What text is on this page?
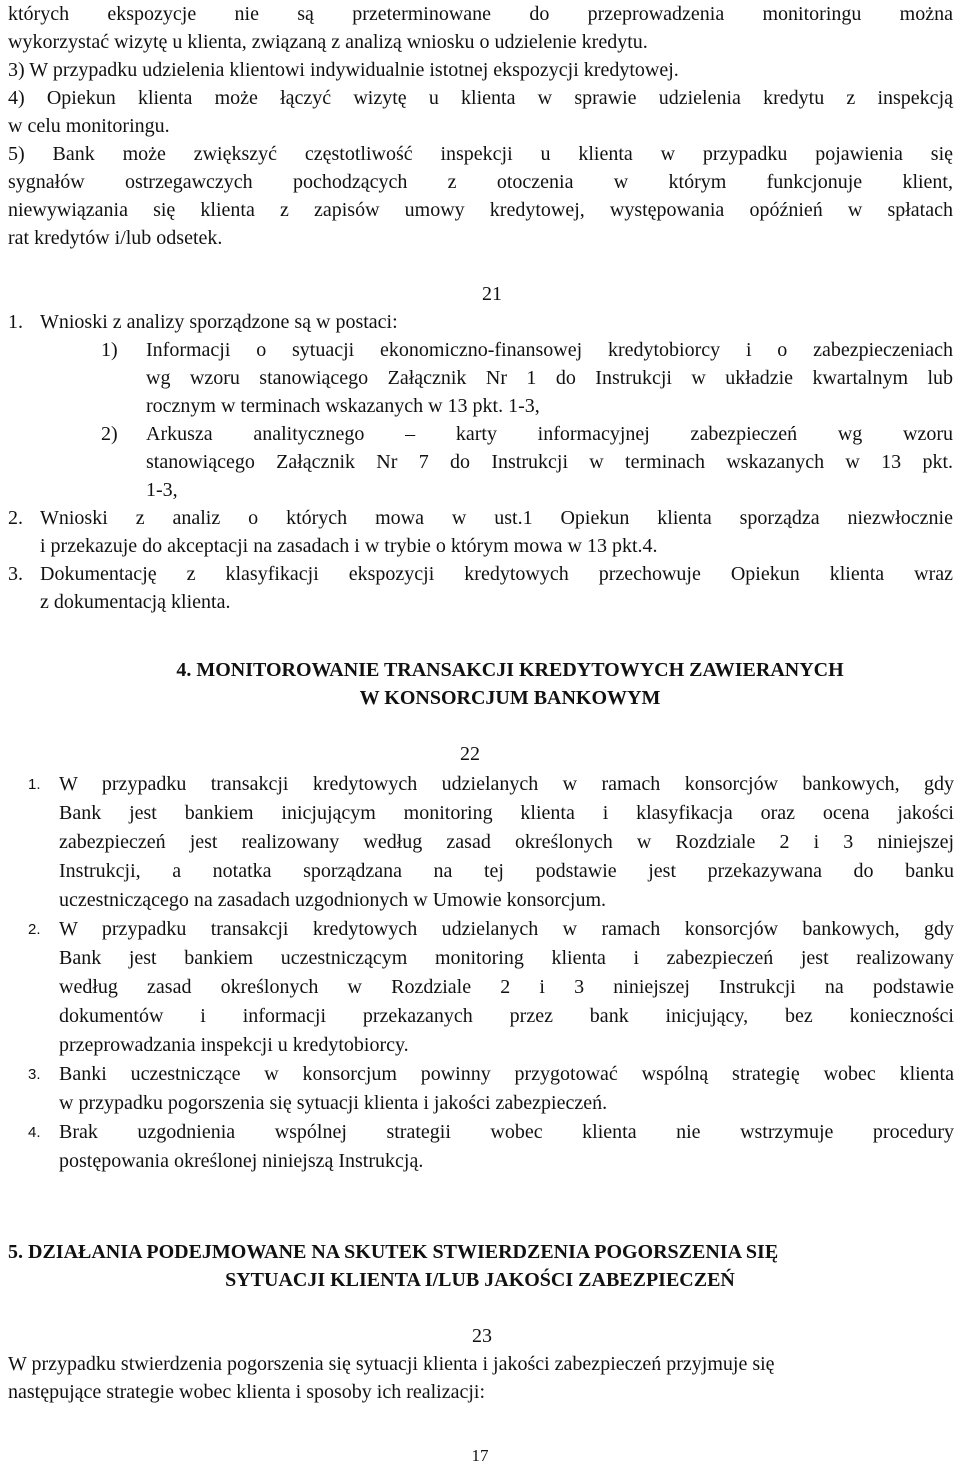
których ekspozycje nie są przeterminowane do przeprowadzenia monitoringu można
wykorzystać wizytę u klienta, związaną z analizą wniosku o udzielenie kredytu.
3) W przypadku udzielenia klientowi indywidualnie istotnej ekspozycji kredytowej.
4) Opiekun klienta może łączyć wizytę u klienta w sprawie udzielenia kredytu z inspekcją
w celu monitoringu.
5) Bank może zwiększyć częstotliwość inspekcji u klienta w przypadku pojawienia się
sygnałów ostrzegawczych pochodzących z otoczenia w którym funkcjonuje klient,
niewywiązania się klienta z zapisów umowy kredytowej, występowania opóźnień w spłatach
rat kredytów i/lub odsetek.
21
1. Wnioski z analizy sporządzone są w postaci:
1) Informacji o sytuacji ekonomiczno-finansowej kredytobiorcy i o zabezpieczeniach
wg wzoru stanowiącego Załącznik Nr 1 do Instrukcji w układzie kwartalnym lub
rocznym w terminach wskazanych w 13 pkt. 1-3,
2) Arkusza analitycznego – karty informacyjnej zabezpieczeń wg wzoru
stanowiącego Załącznik Nr 7 do Instrukcji w terminach wskazanych w 13 pkt.
1-3,
2. Wnioski z analiz o których mowa w ust.1 Opiekun klienta sporządza niezwłocznie
i przekazuje do akceptacji na zasadach i w trybie o którym mowa w 13 pkt.4.
3. Dokumentację z klasyfikacji ekspozycji kredytowych przechowuje Opiekun klienta wraz
z dokumentacją klienta.
4. MONITOROWANIE TRANSAKCJI KREDYTOWYCH ZAWIERANYCH
W KONSORCJUM BANKOWYM
22
1. W przypadku transakcji kredytowych udzielanych w ramach konsorcjów bankowych, gdy
Bank jest bankiem inicjującym monitoring klienta i klasyfikacja oraz ocena jakości
zabezpieczeń jest realizowany według zasad określonych w Rozdziale 2 i 3 niniejszej
Instrukcji, a notatka sporządzana na tej podstawie jest przekazywana do banku
uczestniczącego na zasadach uzgodnionych w Umowie konsorcjum.
2. W przypadku transakcji kredytowych udzielanych w ramach konsorcjów bankowych, gdy
Bank jest bankiem uczestniczącym monitoring klienta i zabezpieczeń jest realizowany
według zasad określonych w Rozdziale 2 i 3 niniejszej Instrukcji na podstawie
dokumentów i informacji przekazanych przez bank inicjujący, bez konieczności
przeprowadzania inspekcji u kredytobiorcy.
3. Banki uczestniczące w konsorcjum powinny przygotować wspólną strategię wobec klienta
w przypadku pogorszenia się sytuacji klienta i jakości zabezpieczeń.
4. Brak uzgodnienia wspólnej strategii wobec klienta nie wstrzymuje procedury
postępowania określonej niniejszą Instrukcją.
5. DZIAŁANIA PODEJMOWANE NA SKUTEK STWIERDZENIA POGORSZENIA SIĘ
SYTUACJI KLIENTA I/LUB JAKOŚCI ZABEZPIECZEŃ
23
W przypadku stwierdzenia pogorszenia się sytuacji klienta i jakości zabezpieczeń przyjmuje się
następujące strategie wobec klienta i sposoby ich realizacji:
17
